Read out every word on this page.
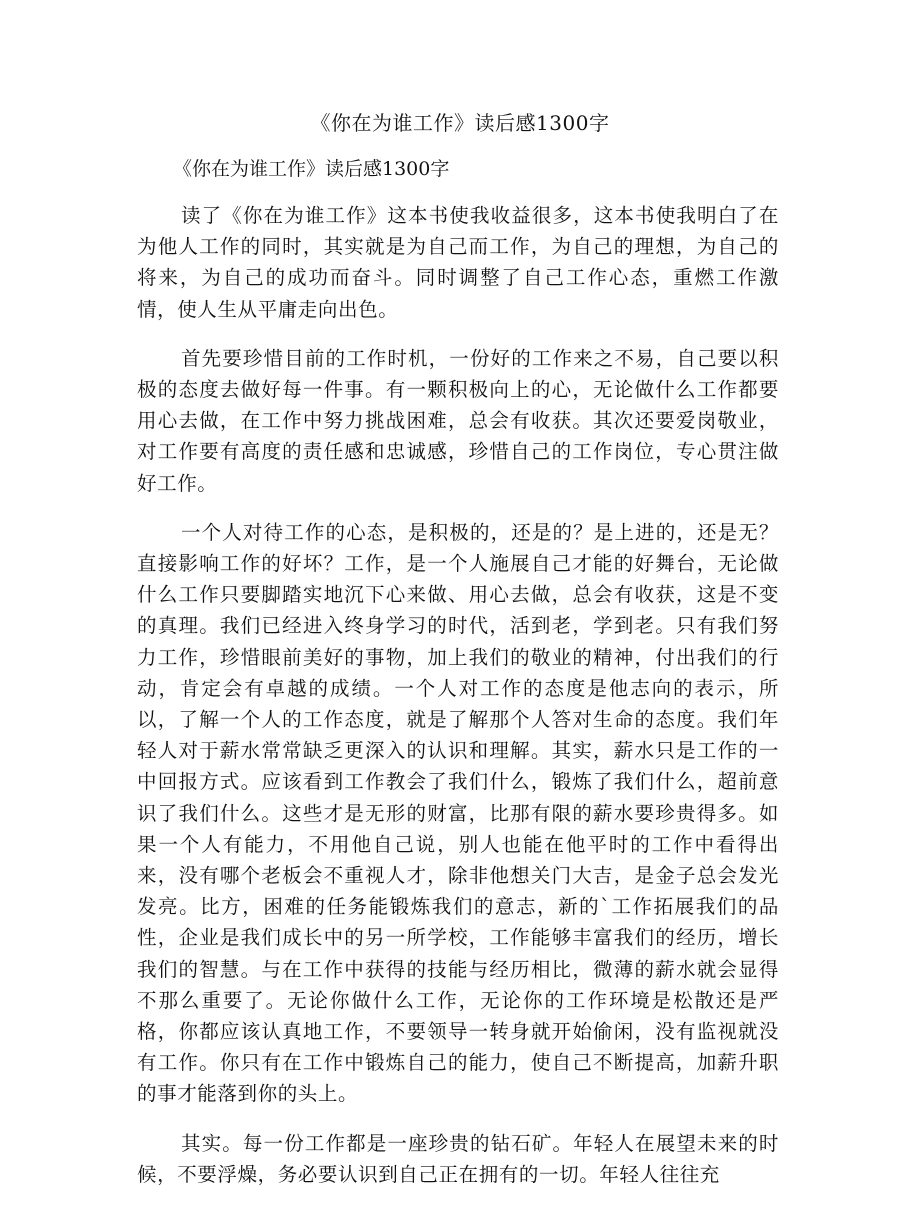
《你在为谁工作》读后感1300字
《你在为谁工作》读后感1300字

读了《你在为谁工作》这本书使我收益很多，这本书使我明白了在为他人工作的同时，其实就是为自己而工作，为自己的理想，为自己的将来，为自己的成功而奋斗。同时调整了自己工作心态，重燃工作激情，使人生从平庸走向出色。

首先要珍惜目前的工作时机，一份好的工作来之不易，自己要以积极的态度去做好每一件事。有一颗积极向上的心，无论做什么工作都要用心去做，在工作中努力挑战困难，总会有收获。其次还要爱岗敬业，对工作要有高度的责任感和忠诚感，珍惜自己的工作岗位，专心贯注做好工作。

一个人对待工作的心态，是积极的，还是的？是上进的，还是无？直接影响工作的好坏？工作，是一个人施展自己才能的好舞台，无论做什么工作只要脚踏实地沉下心来做、用心去做，总会有收获，这是不变的真理。我们已经进入终身学习的时代，活到老，学到老。只有我们努力工作，珍惜眼前美好的事物，加上我们的敬业的精神，付出我们的行动，肯定会有卓越的成绩。一个人对工作的态度是他志向的表示，所以，了解一个人的工作态度，就是了解那个人答对生命的态度。我们年轻人对于薪水常常缺乏更深入的认识和理解。其实，薪水只是工作的一中回报方式。应该看到工作教会了我们什么，锻炼了我们什么，超前意识了我们什么。这些才是无形的财富，比那有限的薪水要珍贵得多。如果一个人有能力，不用他自己说，别人也能在他平时的工作中看得出来，没有哪个老板会不重视人才，除非他想关门大吉，是金子总会发光发亮。比方，困难的任务能锻炼我们的意志，新的`工作拓展我们的品性，企业是我们成长中的另一所学校，工作能够丰富我们的经历，增长我们的智慧。与在工作中获得的技能与经历相比，微薄的薪水就会显得不那么重要了。无论你做什么工作，无论你的工作环境是松散还是严格，你都应该认真地工作，不要领导一转身就开始偷闲，没有监视就没有工作。你只有在工作中锻炼自己的能力，使自己不断提高，加薪升职的事才能落到你的头上。

其实。每一份工作都是一座珍贵的钻石矿。年轻人在展望未来的时候，不要浮燥，务必要认识到自己正在拥有的一切。年轻人往往充
